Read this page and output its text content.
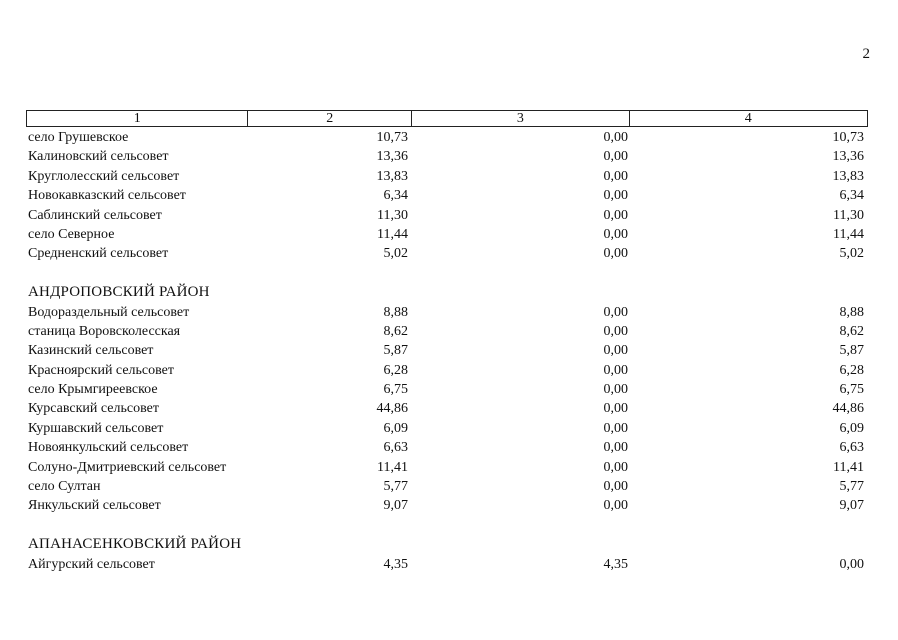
2
1	2	3	4
село Грушевское	10,73	0,00	10,73
Калиновский сельсовет	13,36	0,00	13,36
Круглолесский сельсовет	13,83	0,00	13,83
Новокавказский сельсовет	6,34	0,00	6,34
Саблинский сельсовет	11,30	0,00	11,30
село Северное	11,44	0,00	11,44
Средненский сельсовет	5,02	0,00	5,02
АНДРОПОВСКИЙ РАЙОН
Водораздельный сельсовет	8,88	0,00	8,88
станица Воровсколесская	8,62	0,00	8,62
Казинский сельсовет	5,87	0,00	5,87
Красноярский сельсовет	6,28	0,00	6,28
село Крымгиреевское	6,75	0,00	6,75
Курсавский сельсовет	44,86	0,00	44,86
Куршавский сельсовет	6,09	0,00	6,09
Новоянкульский сельсовет	6,63	0,00	6,63
Солуно-Дмитриевский сельсовет	11,41	0,00	11,41
село Султан	5,77	0,00	5,77
Янкульский сельсовет	9,07	0,00	9,07
АПАНАСЕНКОВСКИЙ РАЙОН
Айгурский сельсовет	4,35	4,35	0,00
